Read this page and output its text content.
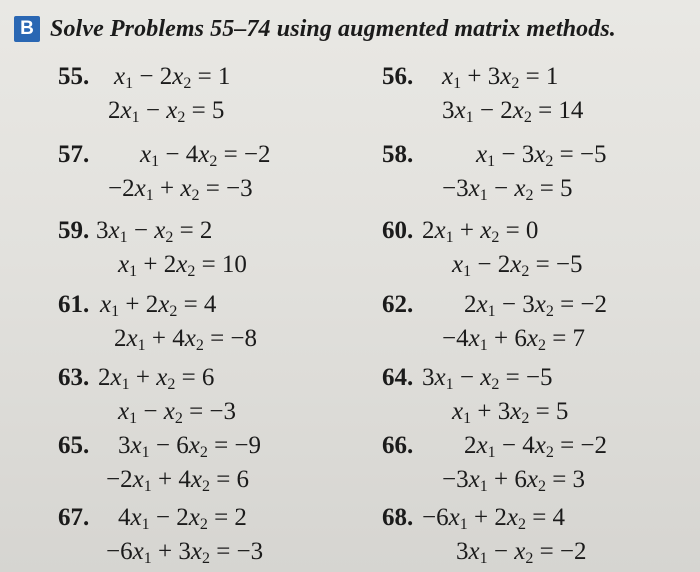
B Solve Problems 55–74 using augmented matrix methods.
55. $x_1 - 2x_2 = 1$
$2x_1 - x_2 = 5$
57. $x_1 - 4x_2 = -2$
$-2x_1 + x_2 = -3$
59. $3x_1 - x_2 = 2$
$x_1 + 2x_2 = 10$
61. $x_1 + 2x_2 = 4$
$2x_1 + 4x_2 = -8$
63. $2x_1 + x_2 = 6$
$x_1 - x_2 = -3$
65. $3x_1 - 6x_2 = -9$
$-2x_1 + 4x_2 = 6$
67. $4x_1 - 2x_2 = 2$
$-6x_1 + 3x_2 = -3$
56. $x_1 + 3x_2 = 1$
$3x_1 - 2x_2 = 14$
58.	$x_1 - 3x_2 = -5$
$-3x_1 - x_2 = 5$
60. $2x_1 + x_2 = 0$
$x_1 - 2x_2 = -5$
62. $2x_1 - 3x_2 = -2$
$-4x_1 + 6x_2 = 7$
64. $3x_1 - x_2 = -5$
$x_1 + 3x_2 = 5$
66. $2x_1 - 4x_2 = -2$
$-3x_1 + 6x_2 = 3$
68. $-6x_1 + 2x_2 = 4$
$3x_1 - x_2 = -2$
